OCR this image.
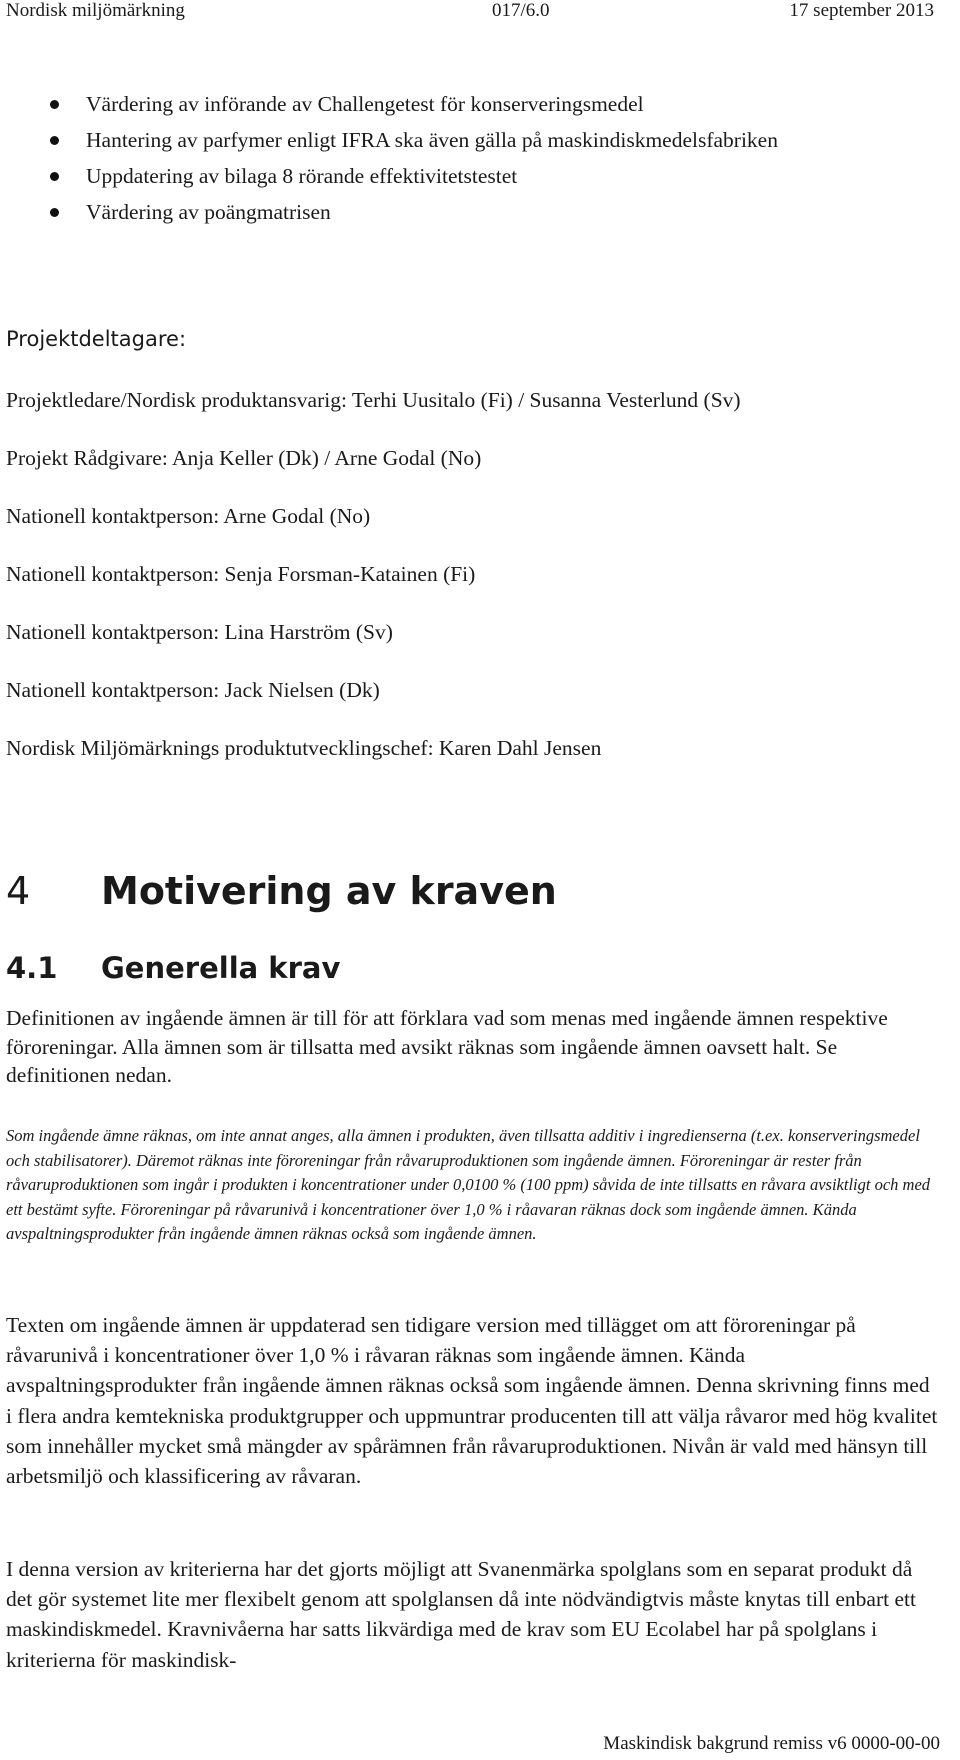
Nordisk miljömärkning	017/6.0	17 september 2013
Värdering av införande av Challengetest för konserveringsmedel
Hantering av parfymer enligt IFRA ska även gälla på maskindiskmedelsfabriken
Uppdatering av bilaga 8 rörande effektivitetstestet
Värdering av poängmatrisen
Projektdeltagare:
Projektledare/Nordisk produktansvarig: Terhi Uusitalo (Fi) / Susanna Vesterlund (Sv)
Projekt Rådgivare: Anja Keller (Dk) / Arne Godal (No)
Nationell kontaktperson: Arne Godal (No)
Nationell kontaktperson: Senja Forsman-Katainen (Fi)
Nationell kontaktperson: Lina Harström (Sv)
Nationell kontaktperson: Jack Nielsen (Dk)
Nordisk Miljömärknings produktutvecklingschef: Karen Dahl Jensen
4 Motivering av kraven
4.1 Generella krav

Definitionen av ingående ämnen är till för att förklara vad som menas med ingående ämnen respektive föroreningar. Alla ämnen som är tillsatta med avsikt räknas som ingående ämnen oavsett halt. Se definitionen nedan.

Som ingående ämne räknas, om inte annat anges, alla ämnen i produkten, även tillsatta additiv i ingredienserna (t.ex. konserveringsmedel och stabilisatorer). Däremot räknas inte föroreningar från råvaruproduktionen som ingående ämnen. Föroreningar är rester från råvaruproduktionen som ingår i produkten i koncentrationer under 0,0100 % (100 ppm) såvida de inte tillsatts en råvara avsiktligt och med ett bestämt syfte. Föroreningar på råvarunivå i koncentrationer över 1,0 % i råavaran räknas dock som ingående ämnen. Kända avspaltningsprodukter från ingående ämnen räknas också som ingående ämnen.

Texten om ingående ämnen är uppdaterad sen tidigare version med tillägget om att föroreningar på råvarunivå i koncentrationer över 1,0 % i råvaran räknas som ingående ämnen. Kända avspaltningsprodukter från ingående ämnen räknas också som ingående ämnen. Denna skrivning finns med i flera andra kemtekniska produktgrupper och uppmuntrar producenten till att välja råvaror med hög kvalitet som innehåller mycket små mängder av spårämnen från råvaruproduktionen. Nivån är vald med hänsyn till arbetsmiljö och klassificering av råvaran.

I denna version av kriterierna har det gjorts möjligt att Svanenmärka spolglans som en separat produkt då det gör systemet lite mer flexibelt genom att spolglansen då inte nödvändigtvis måste knytas till enbart ett maskindiskmedel. Kravnivåerna har satts likvärdiga med de krav som EU Ecolabel har på spolglans i kriterierna för maskindisk-

Maskindisk bakgrund remiss v6 0000-00-00
